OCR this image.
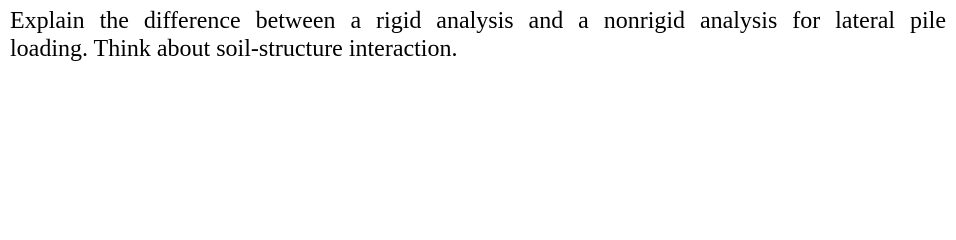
Explain the difference between a rigid analysis and a nonrigid analysis for lateral pile
loading. Think about soil-structure interaction.
